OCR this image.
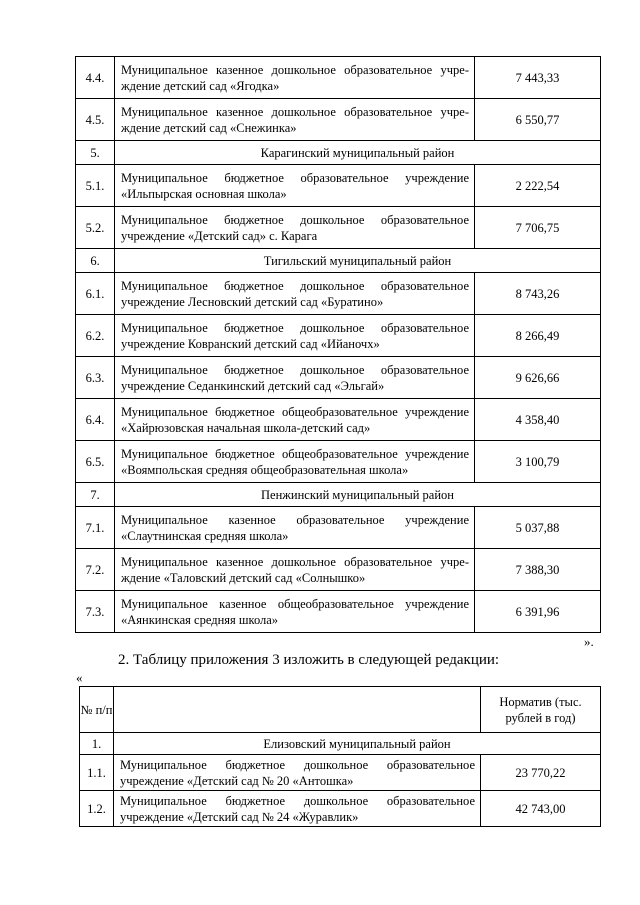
4.4.	Муниципальное казенное дошкольное образовательное учре-ждение детский сад «Ягодка»	7 443,33
4.5.	Муниципальное казенное дошкольное образовательное учре-ждение детский сад «Снежинка»	6 550,77
5.	Карагинский муниципальный район	
5.1.	Муниципальное бюджетное образовательное учреждение «Ильпырская основная школа»	2 222,54
5.2.	Муниципальное бюджетное дошкольное образовательное учреждение «Детский сад» с. Карага	7 706,75
6.	Тигильский муниципальный район	
6.1.	Муниципальное бюджетное дошкольное образовательное учреждение Лесновский детский сад «Буратино»	8 743,26
6.2.	Муниципальное бюджетное дошкольное образовательное учреждение Ковранский детский сад «Ийаночх»	8 266,49
6.3.	Муниципальное бюджетное дошкольное образовательное учреждение Седанкинский детский сад «Эльгай»	9 626,66
6.4.	Муниципальное бюджетное общеобразовательное учреждение «Хайрюзовская начальная школа-детский сад»	4 358,40
6.5.	Муниципальное бюджетное общеобразовательное учреждение «Воямпольская средняя общеобразовательная школа»	3 100,79
7.	Пенжинский муниципальный район	
7.1.	Муниципальное казенное образовательное учреждение «Слаутнинская средняя школа»	5 037,88
7.2.	Муниципальное казенное дошкольное образовательное учре-ждение «Таловский детский сад «Солнышко»	7 388,30
7.3.	Муниципальное казенное общеобразовательное учреждение «Аянкинская средняя школа»	6 391,96
».
2. Таблицу приложения 3 изложить в следующей редакции:
«
№ п/п		Норматив (тыс. рублей в год)
1.	Елизовский муниципальный район	
1.1.	Муниципальное бюджетное дошкольное образовательное учреждение «Детский сад № 20 «Антошка»	23 770,22
1.2.	Муниципальное бюджетное дошкольное образовательное учреждение «Детский сад № 24 «Журавлик»	42 743,00
